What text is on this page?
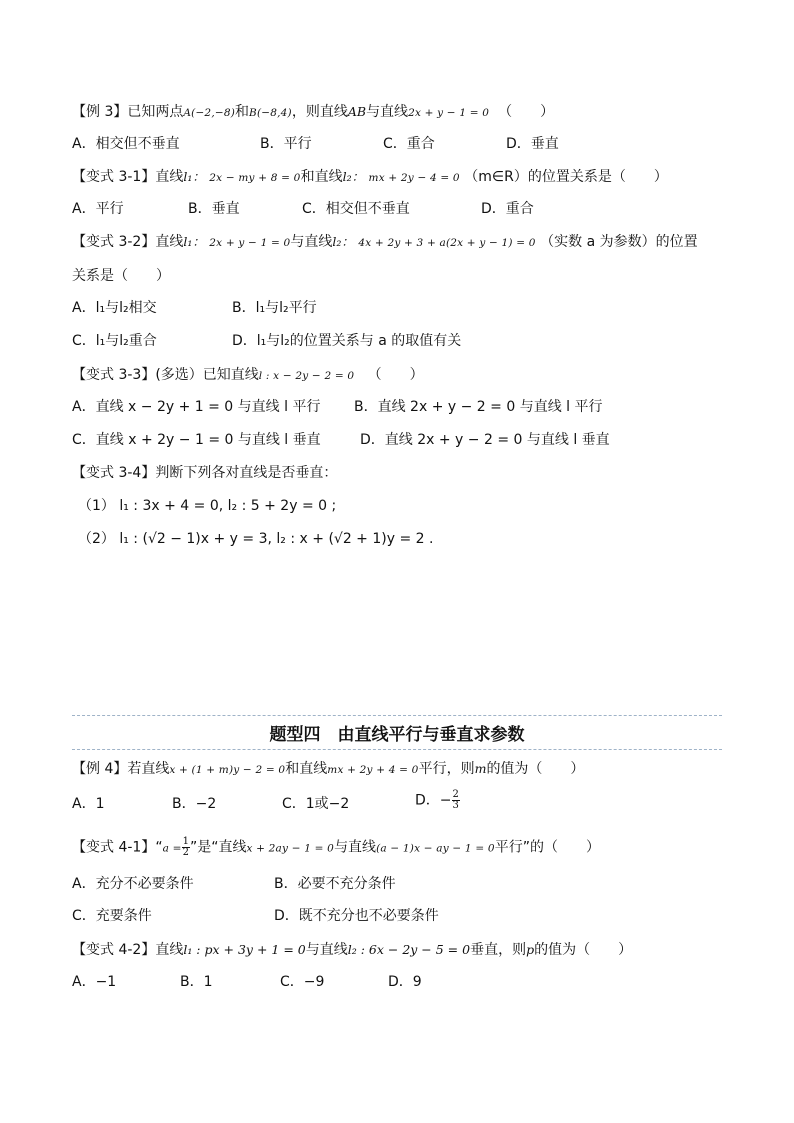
【例 3】已知两点A(−2,−8)和B(−8,4)，则直线AB与直线2x + y − 1 = 0 （　　）
A．相交但不垂直	B．平行	C．重合	D．垂直
【变式 3-1】直线l₁： 2x − my + 8 = 0和直线l₂： mx + 2y − 4 = 0 （m∈R）的位置关系是（　　）
A．平行	B．垂直	C．相交但不垂直	D．重合
【变式 3-2】直线l₁： 2x + y − 1 = 0与直线l₂： 4x + 2y + 3 + a(2x + y − 1) = 0 （实数 a 为参数）的位置
关系是（　　）
A．l₁与l₂相交	B．l₁与l₂平行
C．l₁与l₂重合	D．l₁与l₂的位置关系与 a 的取值有关
【变式 3-3】(多选）已知直线l : x − 2y − 2 = 0 （　　）
A．直线 x − 2y + 1 = 0 与直线 l 平行 B．直线 2x + y − 2 = 0 与直线 l 平行
C．直线 x + 2y − 1 = 0 与直线 l 垂直	D．直线 2x + y − 2 = 0 与直线 l 垂直
【变式 3-4】判断下列各对直线是否垂直：
（1） l₁ : 3x + 4 = 0, l₂ : 5 + 2y = 0 ;
（2） l₁ : (√2 − 1)x + y = 3, l₂ : x + (√2 + 1)y = 2 .
题型四　由直线平行与垂直求参数
【例 4】若直线x + (1 + m)y − 2 = 0和直线mx + 2y + 4 = 0平行，则m的值为（　　）
A．1	B．−2	C．1或−2	D．− $\frac{2}{3}$
【变式 4-1】“$a = \frac{1}{2}$ ”是“直线x + 2ay − 1 = 0与直线(a − 1)x − ay − 1 = 0平行”的（　　）
A．充分不必要条件	B．必要不充分条件
C．充要条件	D．既不充分也不必要条件
【变式 4-2】直线l₁ : px + 3y + 1 = 0与直线l₂ : 6x − 2y − 5 = 0垂直，则p的值为（　　）
A．−1	B．1	C．−9	D．9
